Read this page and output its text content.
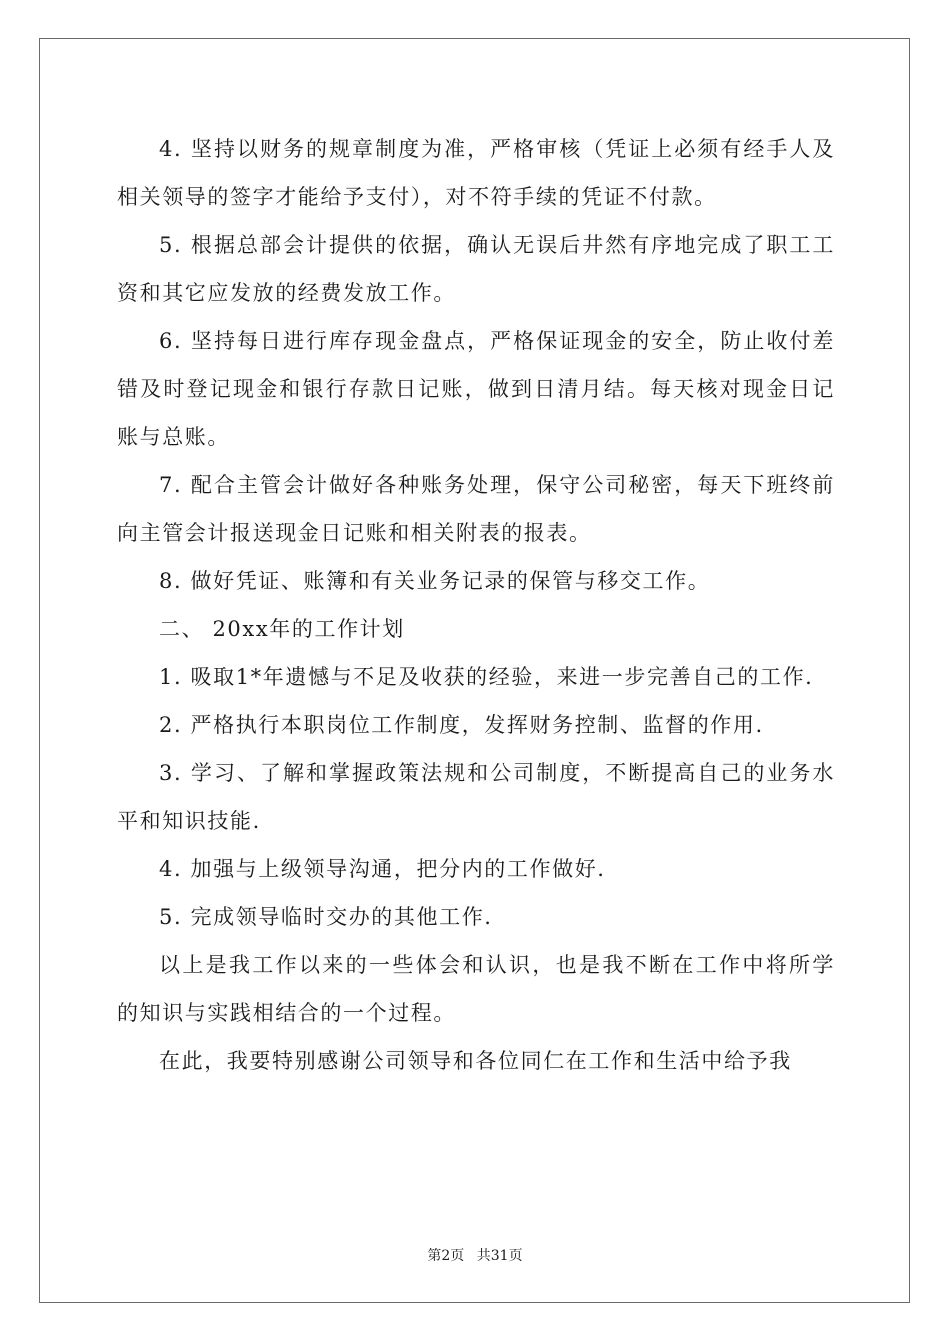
4. 坚持以财务的规章制度为准，严格审核（凭证上必须有经手人及相关领导的签字才能给予支付），对不符手续的凭证不付款。

5. 根据总部会计提供的依据，确认无误后井然有序地完成了职工工资和其它应发放的经费发放工作。

6. 坚持每日进行库存现金盘点，严格保证现金的安全，防止收付差错及时登记现金和银行存款日记账，做到日清月结。每天核对现金日记账与总账。

7. 配合主管会计做好各种账务处理，保守公司秘密，每天下班终前向主管会计报送现金日记账和相关附表的报表。

8. 做好凭证、账簿和有关业务记录的保管与移交工作。

二、 20xx年的工作计划

1. 吸取1*年遗憾与不足及收获的经验，来进一步完善自己的工作.

2. 严格执行本职岗位工作制度，发挥财务控制、监督的作用.

3. 学习、了解和掌握政策法规和公司制度，不断提高自己的业务水平和知识技能.

4. 加强与上级领导沟通，把分内的工作做好.

5. 完成领导临时交办的其他工作.

以上是我工作以来的一些体会和认识，也是我不断在工作中将所学的知识与实践相结合的一个过程。

在此，我要特别感谢公司领导和各位同仁在工作和生活中给予我

第2页 共31页
